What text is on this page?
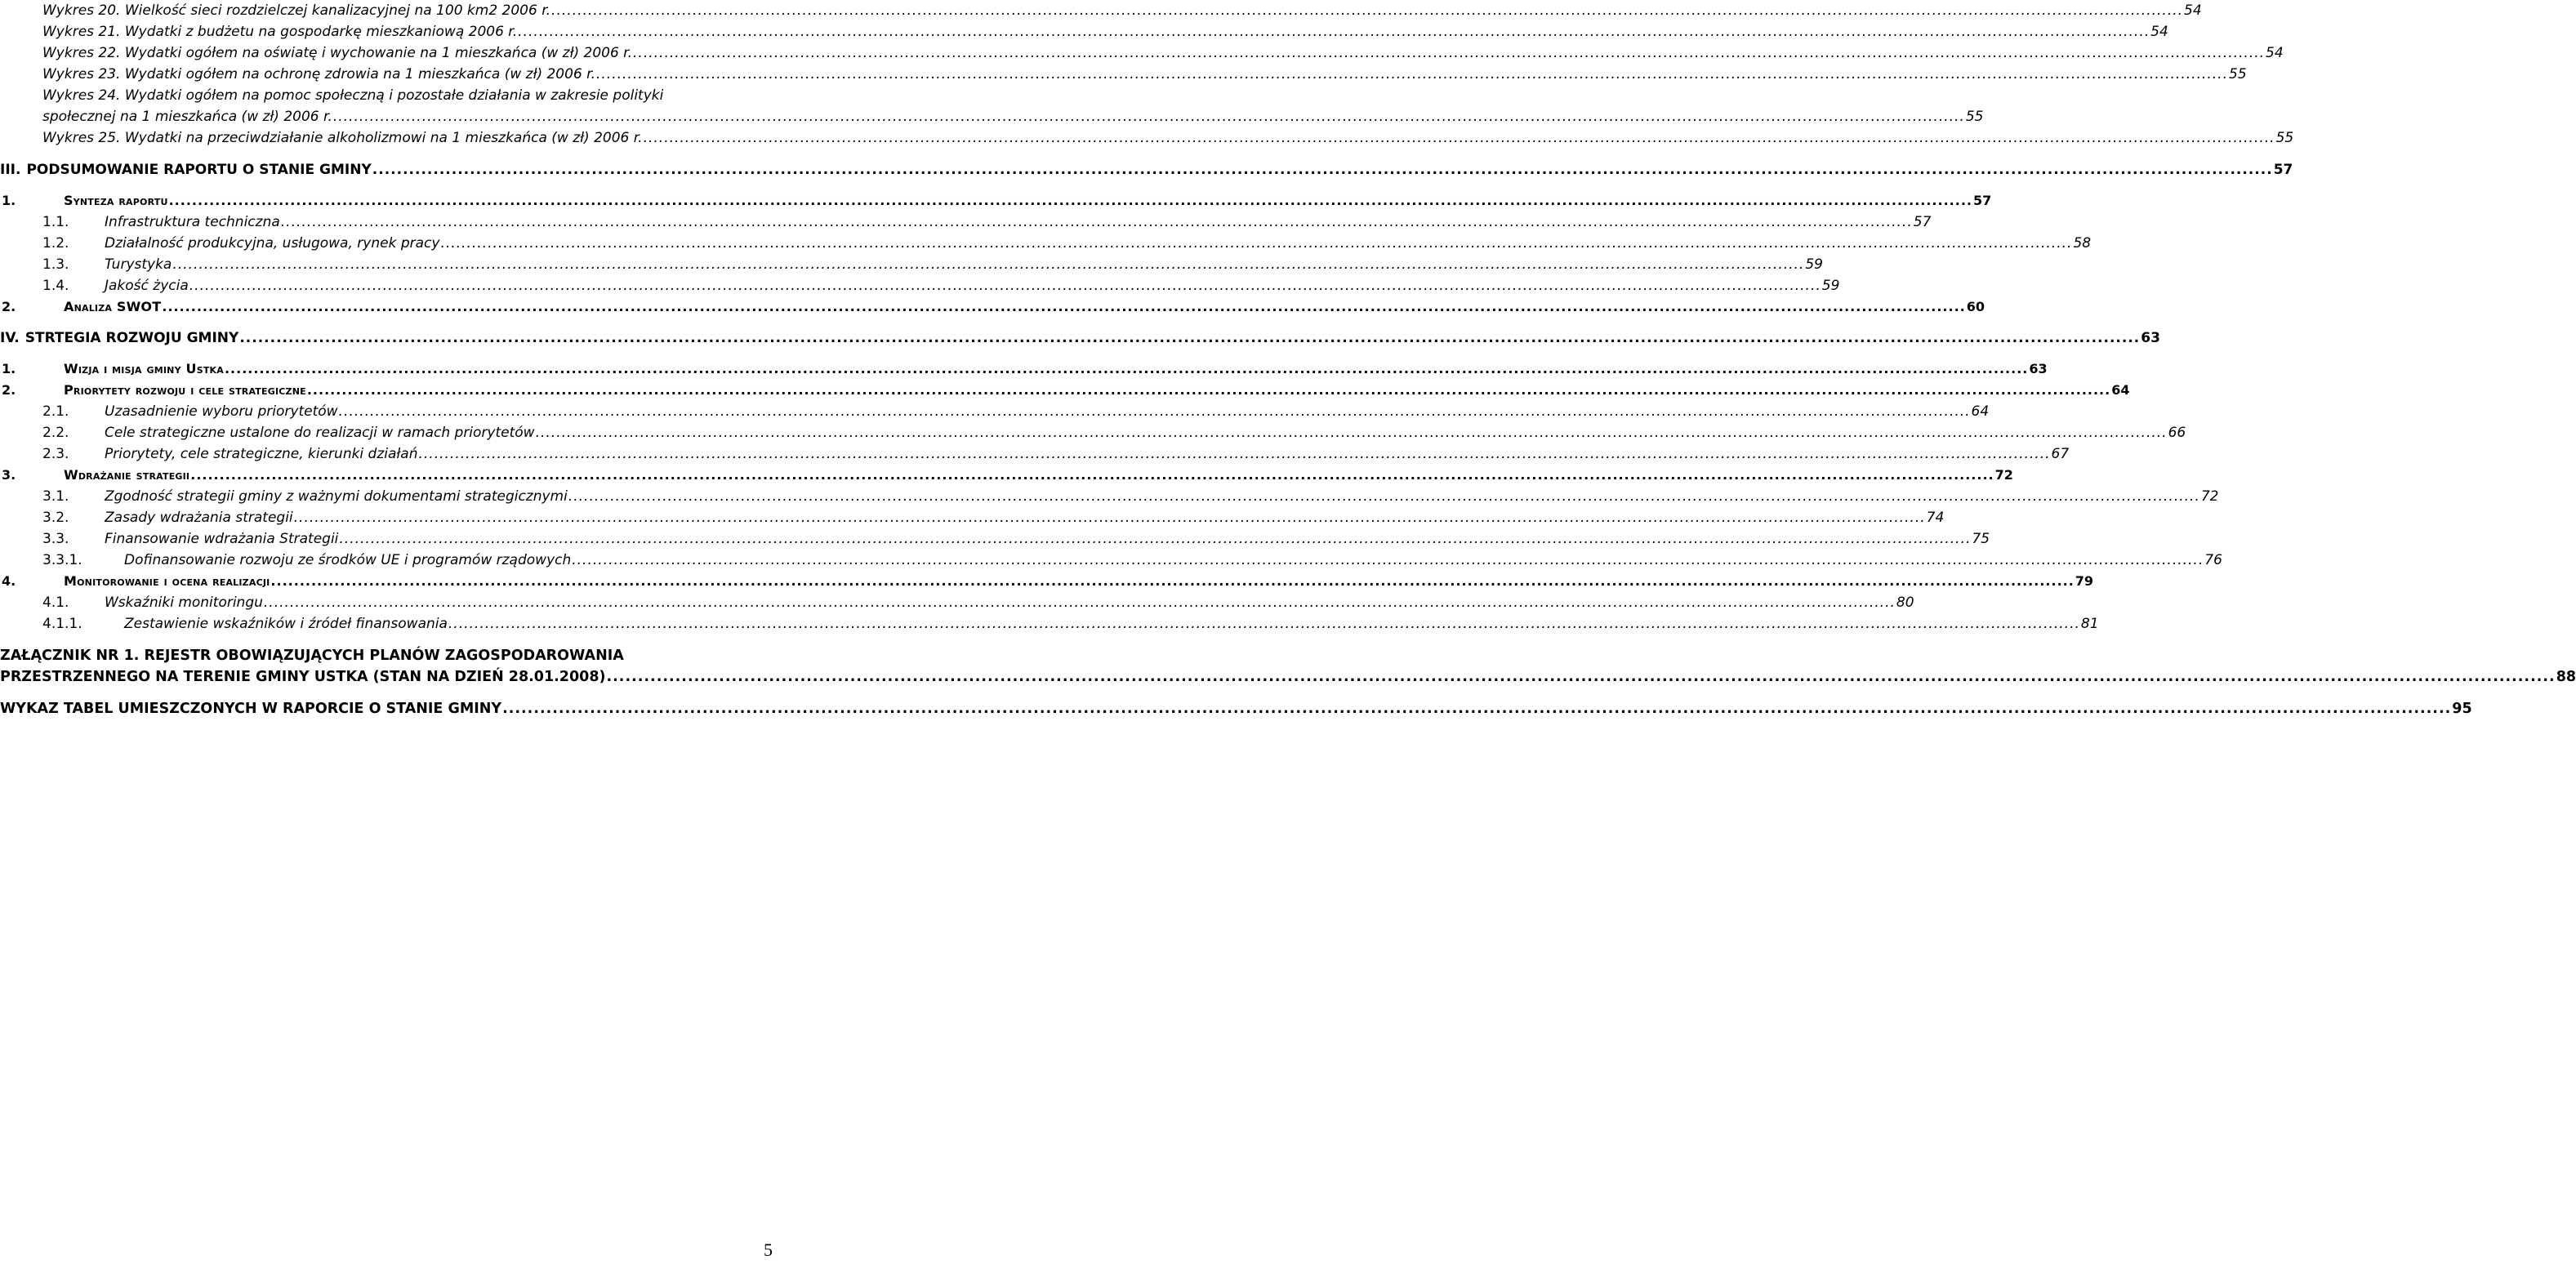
Wykres 20. Wielkość sieci rozdzielczej kanalizacyjnej na 100 km2 2006 r. .....	54
Wykres 21. Wydatki z budżetu na gospodarkę mieszkaniową 2006 r. .....	54
Wykres 22. Wydatki ogółem na oświatę i wychowanie na 1 mieszkańca (w zł) 2006 r. .....	54
Wykres 23. Wydatki ogółem na ochronę zdrowia na 1 mieszkańca (w zł) 2006 r. .....	55
Wykres 24. Wydatki ogółem na pomoc społeczną i pozostałe działania w zakresie polityki
społecznej na 1 mieszkańca (w zł) 2006 r. .....	55
Wykres 25. Wydatki na przeciwdziałanie alkoholizmowi na 1 mieszkańca (w zł) 2006 r. .....	55
III. PODSUMOWANIE RAPORTU O STANIE GMINY .....	57
1.	Synteza raportu .....	57
1.1.	Infrastruktura techniczna .....	57
1.2.	Działalność produkcyjna, usługowa, rynek pracy .....	58
1.3.	Turystyka .....	59
1.4.	Jakość życia .....	59
2.	Analiza SWOT .....	60
IV. STRTEGIA ROZWOJU GMINY .....	63
1.	Wizja i misja gminy Ustka .....	63
2.	Priorytety rozwoju i cele strategiczne .....	64
2.1.	Uzasadnienie wyboru priorytetów .....	64
2.2.	Cele strategiczne ustalone do realizacji w ramach priorytetów .....	66
2.3.	Priorytety, cele strategiczne, kierunki działań .....	67
3.	Wdrażanie strategii .....	72
3.1.	Zgodność strategii gminy z ważnymi dokumentami strategicznymi .....	72
3.2.	Zasady wdrażania strategii .....	74
3.3.	Finansowanie wdrażania Strategii .....	75
3.3.1.	Dofinansowanie rozwoju ze środków UE i programów rządowych .....	76
4.	Monitorowanie i ocena realizacji .....	79
4.1.	Wskaźniki monitoringu .....	80
4.1.1.	Zestawienie wskaźników i źródeł finansowania .....	81
ZAŁĄCZNIK NR 1. REJESTR OBOWIĄZUJĄCYCH PLANÓW ZAGOSPODAROWANIA
PRZESTRZENNEGO NA TERENIE GMINY USTKA (STAN NA DZIEŃ 28.01.2008) .....	88
WYKAZ TABEL UMIESZCZONYCH W RAPORCIE O STANIE GMINY .....	95
5
